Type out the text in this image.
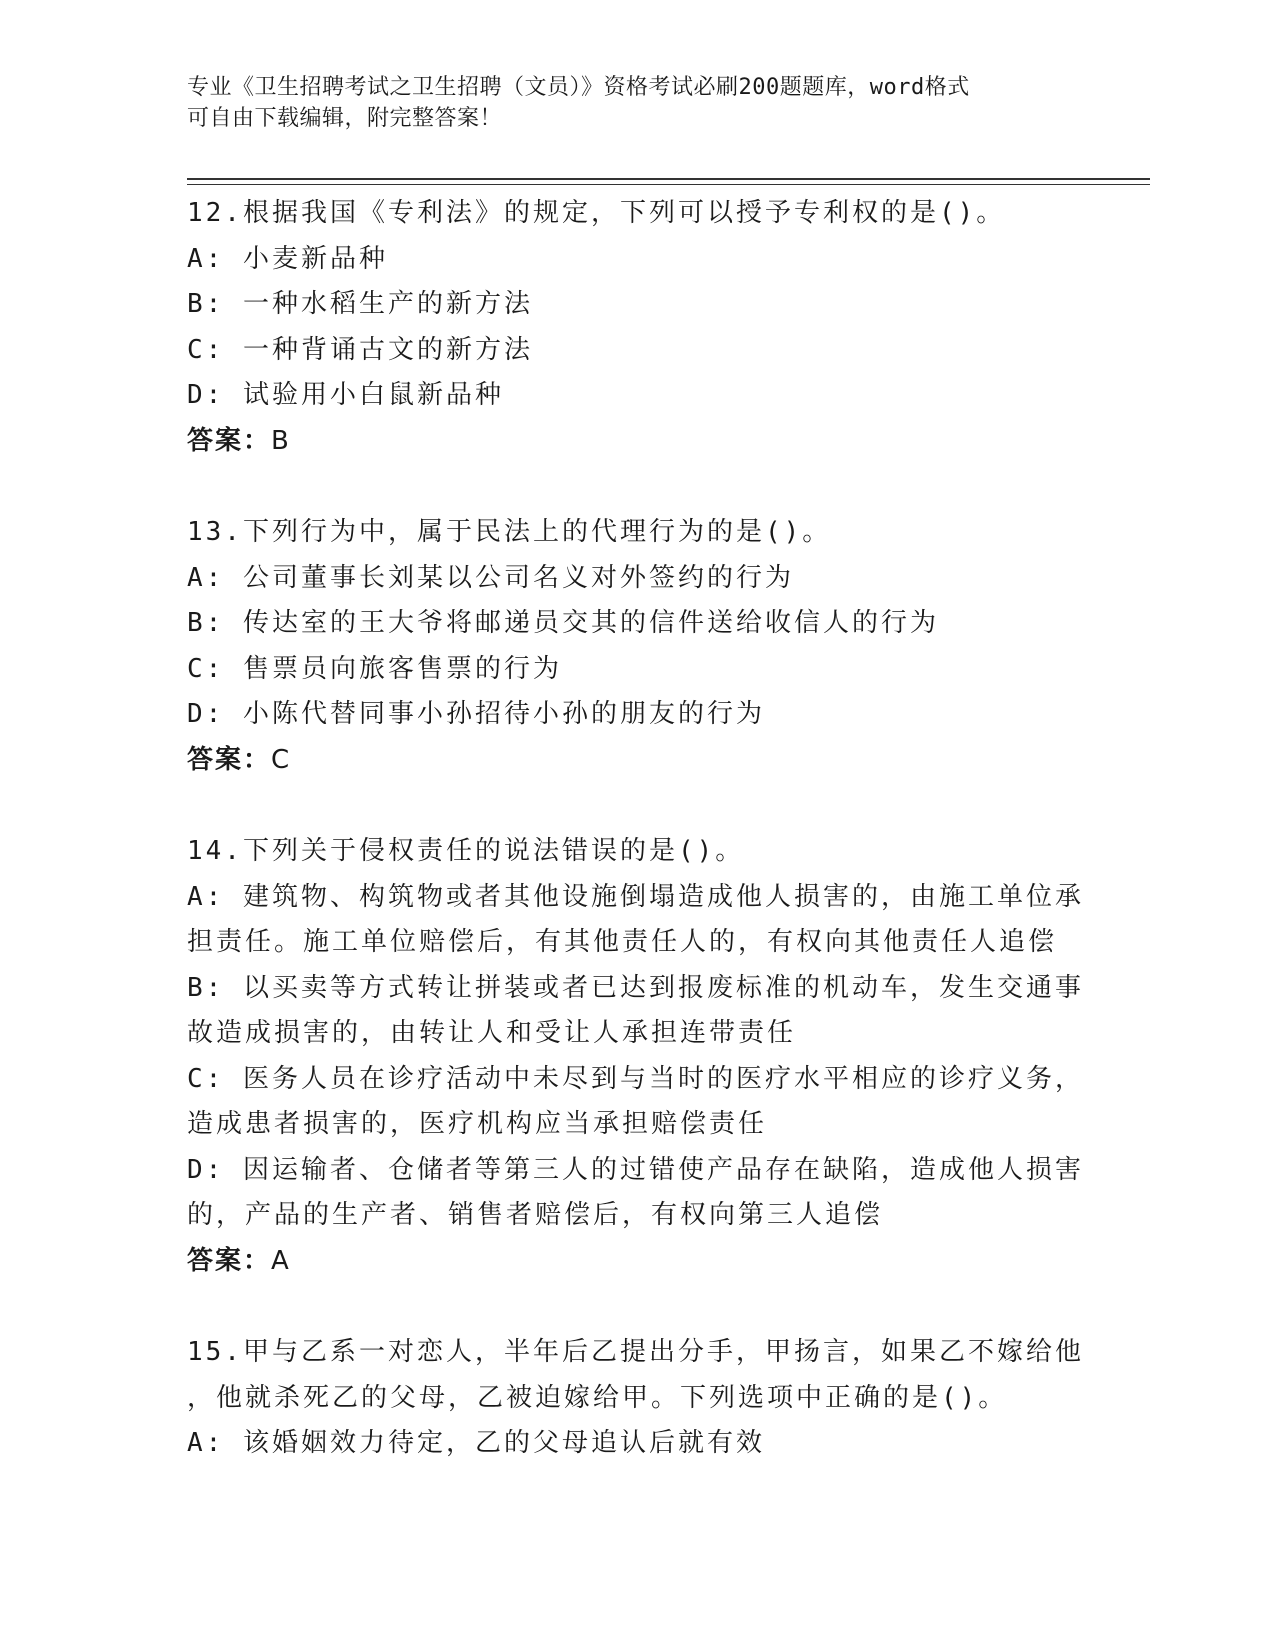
专业《卫生招聘考试之卫生招聘（文员）》资格考试必刷200题题库，word格式
可自由下载编辑，附完整答案！
12.根据我国《专利法》的规定，下列可以授予专利权的是()。
A: 小麦新品种
B: 一种水稻生产的新方法
C: 一种背诵古文的新方法
D: 试验用小白鼠新品种
答案：B
13.下列行为中，属于民法上的代理行为的是()。
A: 公司董事长刘某以公司名义对外签约的行为
B: 传达室的王大爷将邮递员交其的信件送给收信人的行为
C: 售票员向旅客售票的行为
D: 小陈代替同事小孙招待小孙的朋友的行为
答案：C
14.下列关于侵权责任的说法错误的是()。
A: 建筑物、构筑物或者其他设施倒塌造成他人损害的，由施工单位承
担责任。施工单位赔偿后，有其他责任人的，有权向其他责任人追偿
B: 以买卖等方式转让拼装或者已达到报废标准的机动车，发生交通事
故造成损害的，由转让人和受让人承担连带责任
C: 医务人员在诊疗活动中未尽到与当时的医疗水平相应的诊疗义务，
造成患者损害的，医疗机构应当承担赔偿责任
D: 因运输者、仓储者等第三人的过错使产品存在缺陷，造成他人损害
的，产品的生产者、销售者赔偿后，有权向第三人追偿
答案：A
15.甲与乙系一对恋人，半年后乙提出分手，甲扬言，如果乙不嫁给他
，他就杀死乙的父母，乙被迫嫁给甲。下列选项中正确的是()。
A: 该婚姻效力待定，乙的父母追认后就有效
